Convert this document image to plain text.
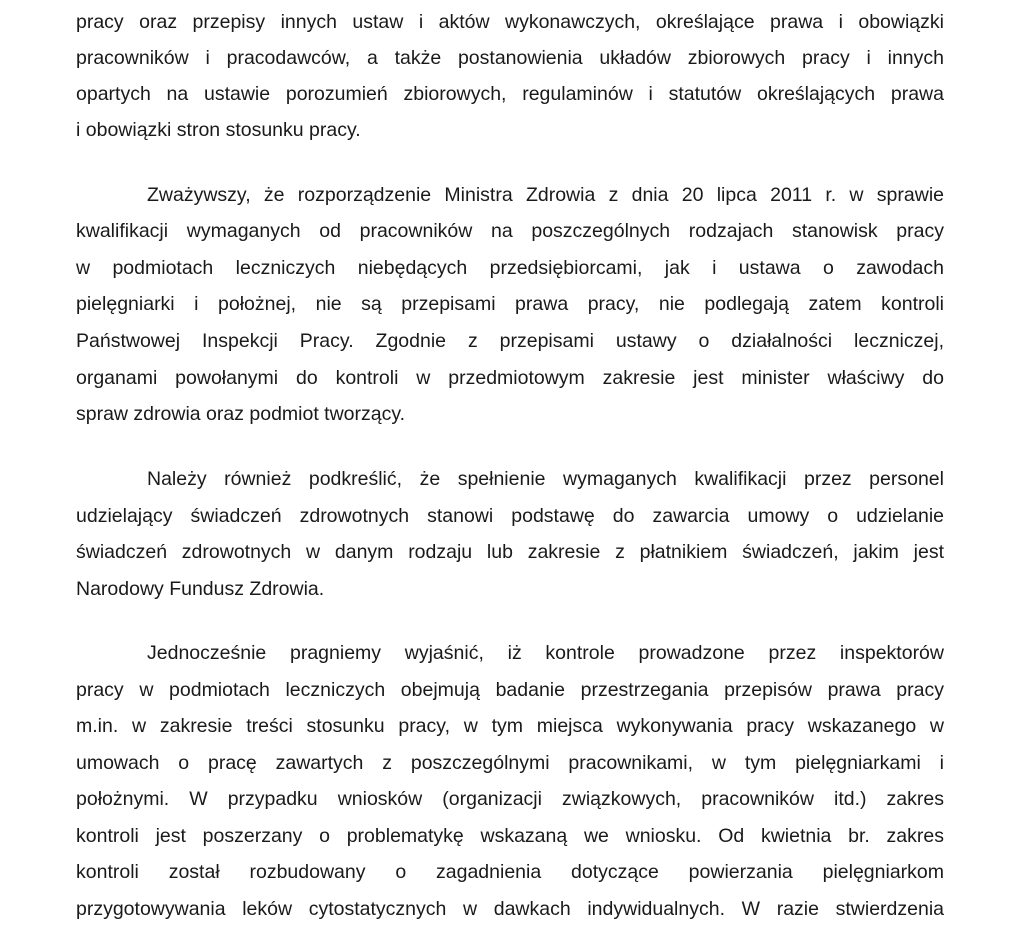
pracy oraz przepisy innych ustaw i aktów wykonawczych, określające prawa i obowiązki
pracowników i pracodawców, a także postanowienia układów zbiorowych pracy i innych
opartych na ustawie porozumień zbiorowych, regulaminów i statutów określających prawa
i obowiązki stron stosunku pracy.
Zważywszy, że rozporządzenie Ministra Zdrowia z dnia 20 lipca 2011 r. w sprawie
kwalifikacji wymaganych od pracowników na poszczególnych rodzajach stanowisk pracy
w podmiotach leczniczych niebędących przedsiębiorcami, jak i ustawa o zawodach
pielęgniarki i położnej, nie są przepisami prawa pracy, nie podlegają zatem kontroli
Państwowej Inspekcji Pracy. Zgodnie z przepisami ustawy o działalności leczniczej,
organami powołanymi do kontroli w przedmiotowym zakresie jest minister właściwy do
spraw zdrowia oraz podmiot tworzący.
Należy również podkreślić, że spełnienie wymaganych kwalifikacji przez personel
udzielający świadczeń zdrowotnych stanowi podstawę do zawarcia umowy o udzielanie
świadczeń zdrowotnych w danym rodzaju lub zakresie z płatnikiem świadczeń, jakim jest
Narodowy Fundusz Zdrowia.
Jednocześnie pragniemy wyjaśnić, iż kontrole prowadzone przez inspektorów
pracy w podmiotach leczniczych obejmują badanie przestrzegania przepisów prawa pracy
m.in. w zakresie treści stosunku pracy, w tym miejsca wykonywania pracy wskazanego w
umowach o pracę zawartych z poszczególnymi pracownikami, w tym pielęgniarkami i
położnymi. W przypadku wniosków (organizacji związkowych, pracowników itd.) zakres
kontroli jest poszerzany o problematykę wskazaną we wniosku. Od kwietnia br. zakres
kontroli został rozbudowany o zagadnienia dotyczące powierzania pielęgniarkom
przygotowywania leków cytostatycznych w dawkach indywidualnych. W razie stwierdzenia
